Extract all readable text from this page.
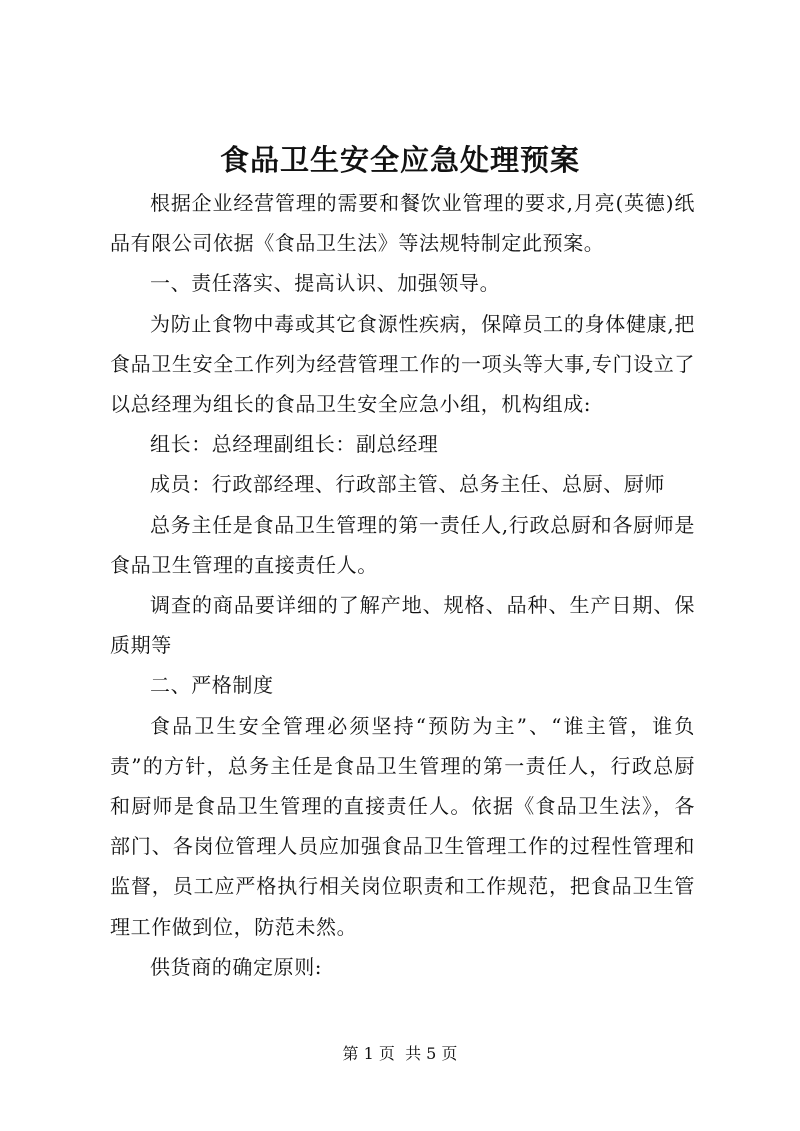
食品卫生安全应急处理预案

根据企业经营管理的需要和餐饮业管理的要求,月亮(英德)纸品有限公司依据《食品卫生法》等法规特制定此预案。

一、责任落实、提高认识、加强领导。

为防止食物中毒或其它食源性疾病，保障员工的身体健康,把食品卫生安全工作列为经营管理工作的一项头等大事,专门设立了以总经理为组长的食品卫生安全应急小组，机构组成:

组长：总经理副组长：副总经理

成员：行政部经理、行政部主管、总务主任、总厨、厨师

总务主任是食品卫生管理的第一责任人,行政总厨和各厨师是食品卫生管理的直接责任人。

调查的商品要详细的了解产地、规格、品种、生产日期、保质期等

二、严格制度

食品卫生安全管理必须坚持“预防为主”、“谁主管，谁负责”的方针，总务主任是食品卫生管理的第一责任人，行政总厨和厨师是食品卫生管理的直接责任人。依据《食品卫生法》，各部门、各岗位管理人员应加强食品卫生管理工作的过程性管理和监督，员工应严格执行相关岗位职责和工作规范，把食品卫生管理工作做到位，防范未然。

供货商的确定原则:

第 1 页  共 5 页
